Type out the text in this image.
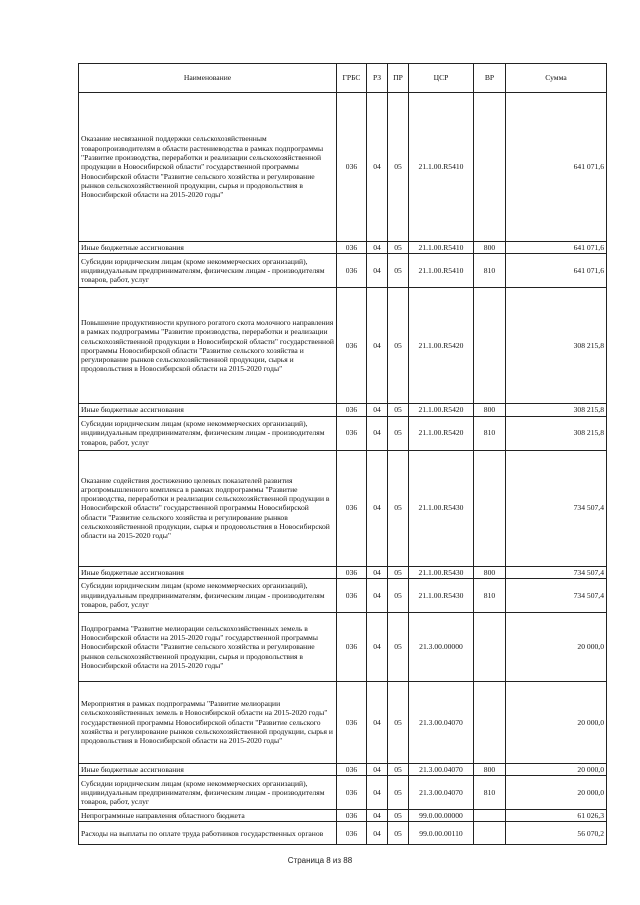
Наименование	ГРБС	РЗ	ПР	ЦСР	ВР	Сумма
Оказание несвязанной поддержки сельскохозяйственным товаропроизводителям в области растениеводства в рамках подпрограммы "Развитие производства, переработки и реализации сельскохозяйственной продукции в Новосибирской области" государственной программы Новосибирской области "Развитие сельского хозяйства и регулирование рынков сельскохозяйственной продукции, сырья и продовольствия в Новосибирской области на 2015-2020 годы"	036	04	05	21.1.00.R5410		641 071,6
Иные бюджетные ассигнования	036	04	05	21.1.00.R5410	800	641 071,6
Субсидии юридическим лицам (кроме некоммерческих организаций), индивидуальным предпринимателям, физическим лицам - производителям товаров, работ, услуг	036	04	05	21.1.00.R5410	810	641 071,6
Повышение продуктивности крупного рогатого скота молочного направления в рамках подпрограммы "Развитие производства, переработки и реализации сельскохозяйственной продукции в Новосибирской области" государственной программы Новосибирской области "Развитие сельского хозяйства и регулирование рынков сельскохозяйственной продукции, сырья и продовольствия в Новосибирской области на 2015-2020 годы"	036	04	05	21.1.00.R5420		308 215,8
Иные бюджетные ассигнования	036	04	05	21.1.00.R5420	800	308 215,8
Субсидии юридическим лицам (кроме некоммерческих организаций), индивидуальным предпринимателям, физическим лицам - производителям товаров, работ, услуг	036	04	05	21.1.00.R5420	810	308 215,8
Оказание содействия достижению целевых показателей развития агропромышленного комплекса в рамках подпрограммы "Развитие производства, переработки и реализации сельскохозяйственной продукции в Новосибирской области" государственной программы Новосибирской области "Развитие сельского хозяйства и регулирование рынков сельскохозяйственной продукции, сырья и продовольствия в Новосибирской области на 2015-2020 годы"	036	04	05	21.1.00.R5430		734 507,4
Иные бюджетные ассигнования	036	04	05	21.1.00.R5430	800	734 507,4
Субсидии юридическим лицам (кроме некоммерческих организаций), индивидуальным предпринимателям, физическим лицам - производителям товаров, работ, услуг	036	04	05	21.1.00.R5430	810	734 507,4
Подпрограмма "Развитие мелиорации сельскохозяйственных земель в Новосибирской области на 2015-2020 годы" государственной программы Новосибирской области "Развитие сельского хозяйства и регулирование рынков сельскохозяйственной продукции, сырья и продовольствия в Новосибирской области на 2015-2020 годы"	036	04	05	21.3.00.00000		20 000,0
Мероприятия в рамках подпрограммы "Развитие мелиорации сельскохозяйственных земель в Новосибирской области на 2015-2020 годы" государственной программы Новосибирской области "Развитие сельского хозяйства и регулирование рынков сельскохозяйственной продукции, сырья и продовольствия в Новосибирской области на 2015-2020 годы"	036	04	05	21.3.00.04070		20 000,0
Иные бюджетные ассигнования	036	04	05	21.3.00.04070	800	20 000,0
Субсидии юридическим лицам (кроме некоммерческих организаций), индивидуальным предпринимателям, физическим лицам - производителям товаров, работ, услуг	036	04	05	21.3.00.04070	810	20 000,0
Непрограммные направления областного бюджета	036	04	05	99.0.00.00000		61 026,3
Расходы на выплаты по оплате труда работников государственных органов	036	04	05	99.0.00.00110		56 070,2
Страница 8 из 88
